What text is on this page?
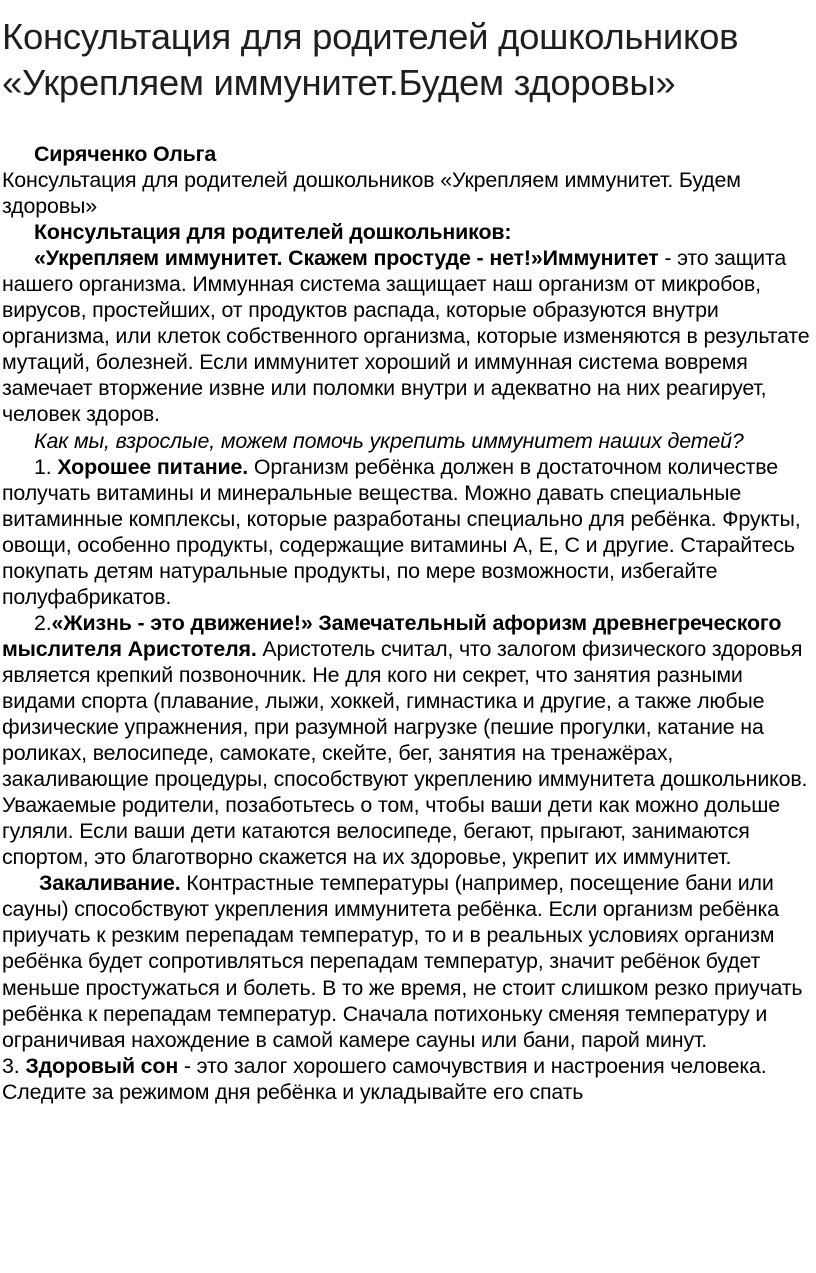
Консультация для родителей дошкольников
«Укрепляем иммунитет.Будем здоровы»

Сиряченко Ольга

Консультация для родителей дошкольников «Укрепляем иммунитет. Будем здоровы»

Консультация для родителей дошкольников:

«Укрепляем иммунитет. Скажем простуде - нет!»Иммунитет - это защита нашего организма. Иммунная система защищает наш организм от микробов, вирусов, простейших, от продуктов распада, которые образуются внутри организма, или клеток собственного организма, которые изменяются в результате мутаций, болезней. Если иммунитет хороший и иммунная система вовремя замечает вторжение извне или поломки внутри и адекватно на них реагирует, человек здоров.

Как мы, взрослые, можем помочь укрепить иммунитет наших детей?

1. Хорошее питание. Организм ребёнка должен в достаточном количестве получать витамины и минеральные вещества. Можно давать специальные витаминные комплексы, которые разработаны специально для ребёнка. Фрукты, овощи, особенно продукты, содержащие витамины А, Е, С и другие. Старайтесь покупать детям натуральные продукты, по мере возможности, избегайте полуфабрикатов.

2.«Жизнь - это движение!» Замечательный афоризм древнегреческого мыслителя Аристотеля. Аристотель считал, что залогом физического здоровья является крепкий позвоночник. Не для кого ни секрет, что занятия разными видами спорта (плавание, лыжи, хоккей, гимнастика и другие, а также любые физические упражнения, при разумной нагрузке (пешие прогулки, катание на роликах, велосипеде, самокате, скейте, бег, занятия на тренажёрах, закаливающие процедуры, способствуют укреплению иммунитета дошкольников. Уважаемые родители, позаботьтесь о том, чтобы ваши дети как можно дольше гуляли. Если ваши дети катаются велосипеде, бегают, прыгают, занимаются спортом, это благотворно скажется на их здоровье, укрепит их иммунитет.

Закаливание. Контрастные температуры (например, посещение бани или сауны) способствуют укрепления иммунитета ребёнка. Если организм ребёнка приучать к резким перепадам температур, то и в реальных условиях организм ребёнка будет сопротивляться перепадам температур, значит ребёнок будет меньше простужаться и болеть. В то же время, не стоит слишком резко приучать ребёнка к перепадам температур. Сначала потихоньку сменяя температуру и ограничивая нахождение в самой камере сауны или бани, парой минут.

3. Здоровый сон - это залог хорошего самочувствия и настроения человека. Следите за режимом дня ребёнка и укладывайте его спать
